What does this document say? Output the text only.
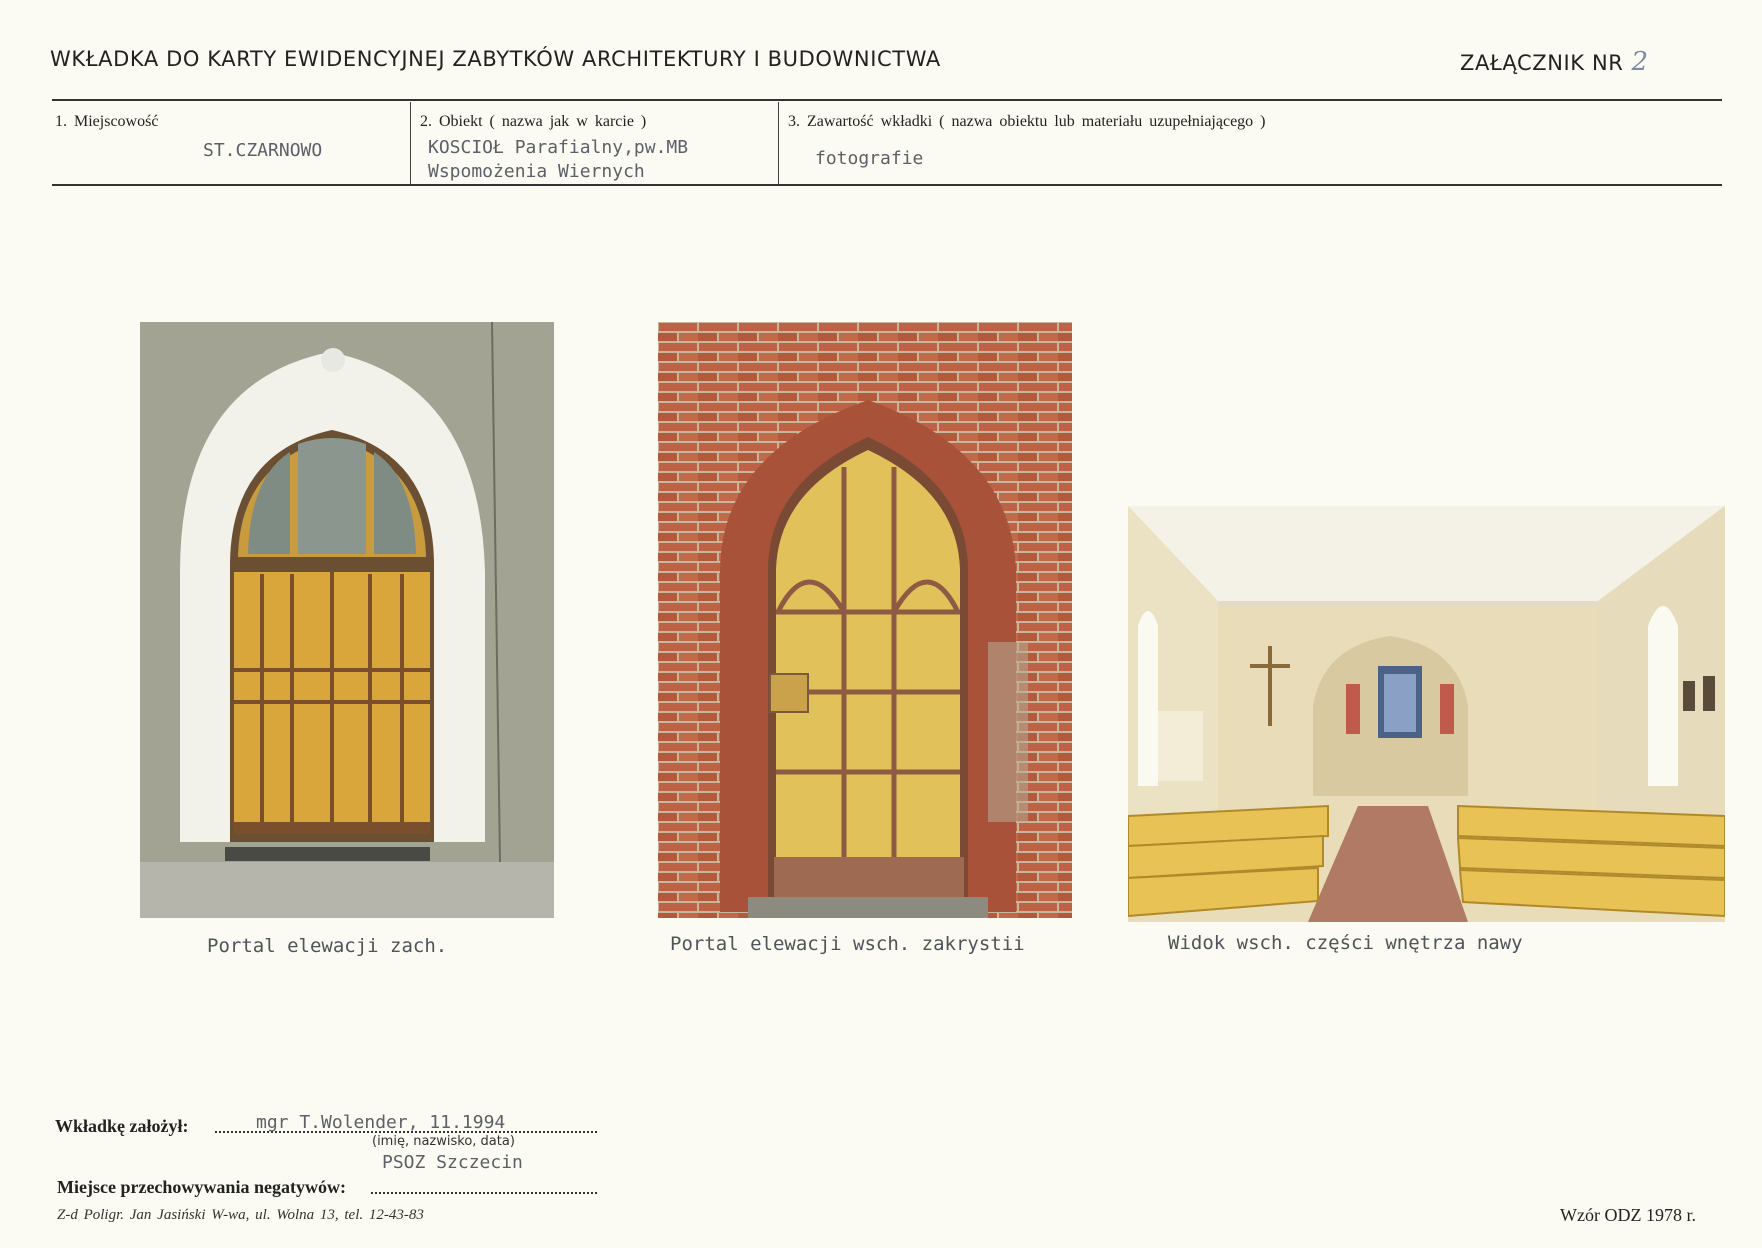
WKŁADKA DO KARTY EWIDENCYJNEJ ZABYTKÓW ARCHITEKTURY I BUDOWNICTWA	ZAŁĄCZNIK NR 2
1. Miejscowość
ST.CZARNOWO
2. Obiekt ( nazwa jak w karcie )
KOSCIOŁ Parafialny,pw.MB
Wspomożenia Wiernych
3. Zawartość wkładki ( nazwa obiektu lub materiału uzupełniającego )
fotografie
Portal elewacji zach.	Portal elewacji wsch. zakrystii	Widok wsch. części wnętrza nawy
Wkładkę założył:	mgr T.Wolender, 11.1994
(imię, nazwisko, data)
PSOZ Szczecin
Miejsce przechowywania negatywów:
Z-d Poligr. Jan Jasiński W-wa, ul. Wolna 13, tel. 12-43-83	Wzór ODZ 1978 r.
